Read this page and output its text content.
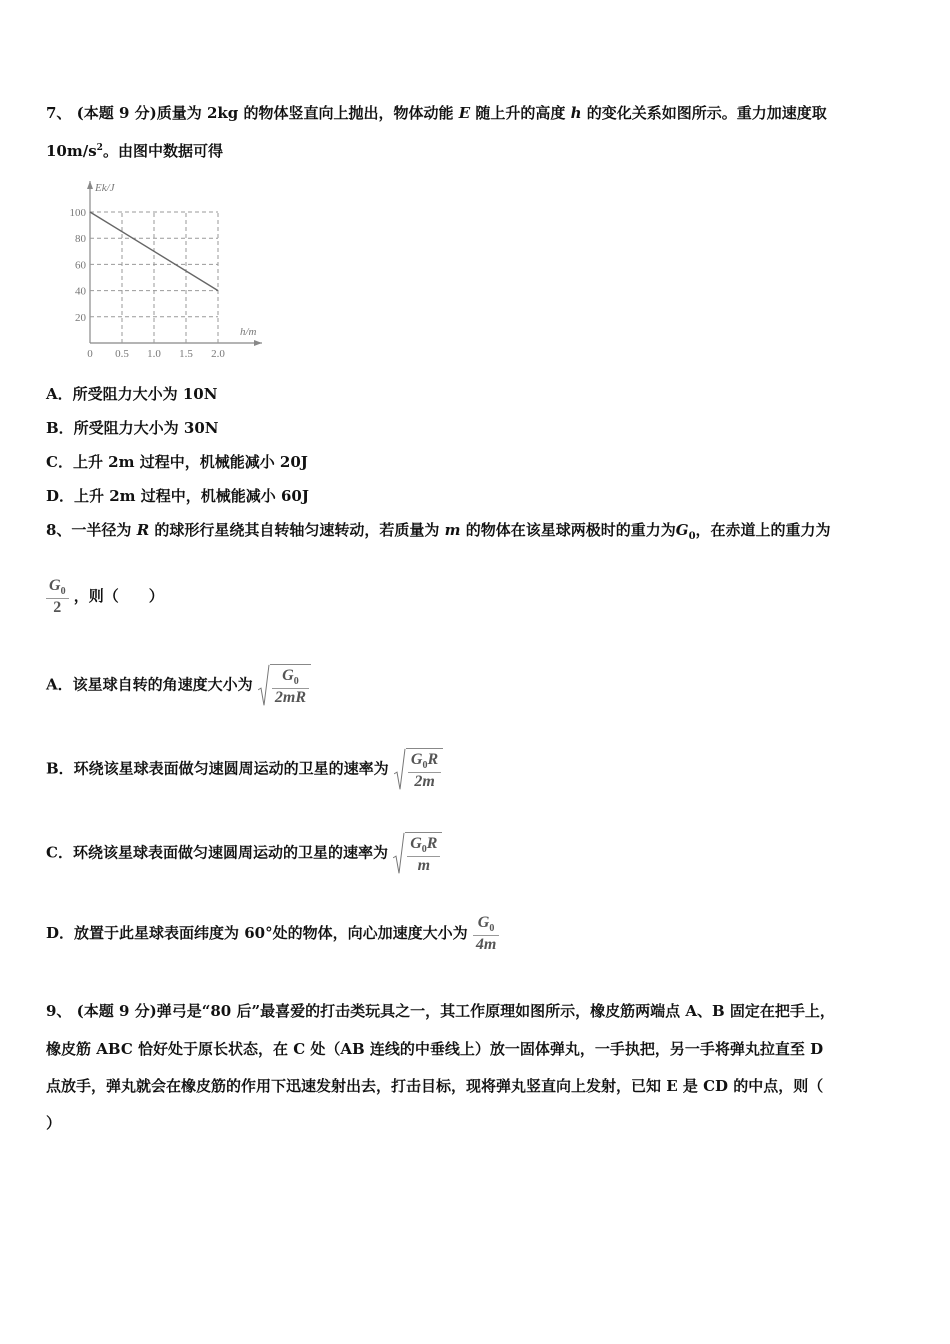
7、 (本题 9 分)质量为 2kg 的物体竖直向上抛出，物体动能 E 随上升的高度 h 的变化关系如图所示。重力加速度取
$10m/s^2$。由图中数据可得
20
40
60
80
100
0 0.5 1.0 1.5 2.0
Ek/J
h/m
A．所受阻力大小为 10N
B．所受阻力大小为 30N
C．上升 2m 过程中，机械能减小 20J
D．上升 2m 过程中，机械能减小 60J
8、一半径为 R 的球形行星绕其自转轴匀速转动，若质量为 m 的物体在该星球两极时的重力为$G_0$，在赤道上的重力为
$\frac{G_0}{2}$ ，则（　　）
A．该星球自转的角速度大小为 $\frac{G_0}{2mR}$
B．环绕该星球表面做匀速圆周运动的卫星的速率为 $\frac{G_0R}{2m}$
C．环绕该星球表面做匀速圆周运动的卫星的速率为 $\frac{G_0R}{m}$
D．放置于此星球表面纬度为 60°处的物体，向心加速度大小为 $\frac{G_0}{4m}$
9、 (本题 9 分)弹弓是“80 后”最喜爱的打击类玩具之一，其工作原理如图所示，橡皮筋两端点 A、B 固定在把手上，
橡皮筋 ABC 恰好处于原长状态，在 C 处（AB 连线的中垂线上）放一固体弹丸，一手执把，另一手将弹丸拉直至 D
点放手，弹丸就会在橡皮筋的作用下迅速发射出去，打击目标，现将弹丸竖直向上发射，已知 E 是 CD 的中点，则（
）
